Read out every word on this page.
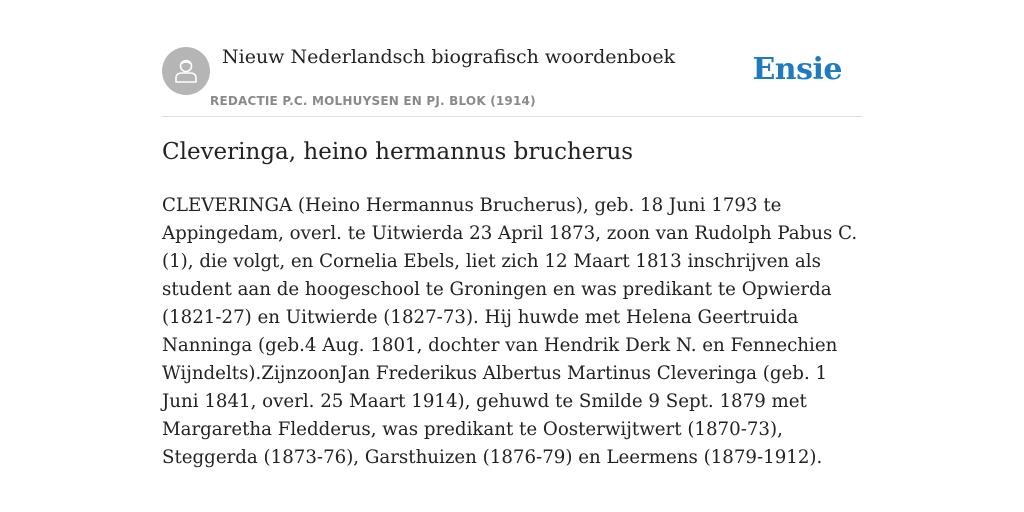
Nieuw Nederlandsch biografisch woordenboek
REDACTIE P.C. MOLHUYSEN EN PJ. BLOK (1914)
Ensie
Cleveringa, heino hermannus brucherus

CLEVERINGA (Heino Hermannus Brucherus), geb. 18 Juni 1793 te Appingedam, overl. te Uitwierda 23 April 1873, zoon van Rudolph Pabus C. (1), die volgt, en Cornelia Ebels, liet zich 12 Maart 1813 inschrijven als student aan de hoogeschool te Groningen en was predikant te Opwierda (1821-27) en Uitwierde (1827-73). Hij huwde met Helena Geertruida Nanninga (geb.4 Aug. 1801, dochter van Hendrik Derk N. en Fennechien Wijndelts).ZijnzoonJan Frederikus Albertus Martinus Cleveringa (geb. 1 Juni 1841, overl. 25 Maart 1914), gehuwd te Smilde 9 Sept. 1879 met Margaretha Fledderus, was predikant te Oosterwijtwert (1870-73), Steggerda (1873-76), Garsthuizen (1876-79) en Leermens (1879-1912).
